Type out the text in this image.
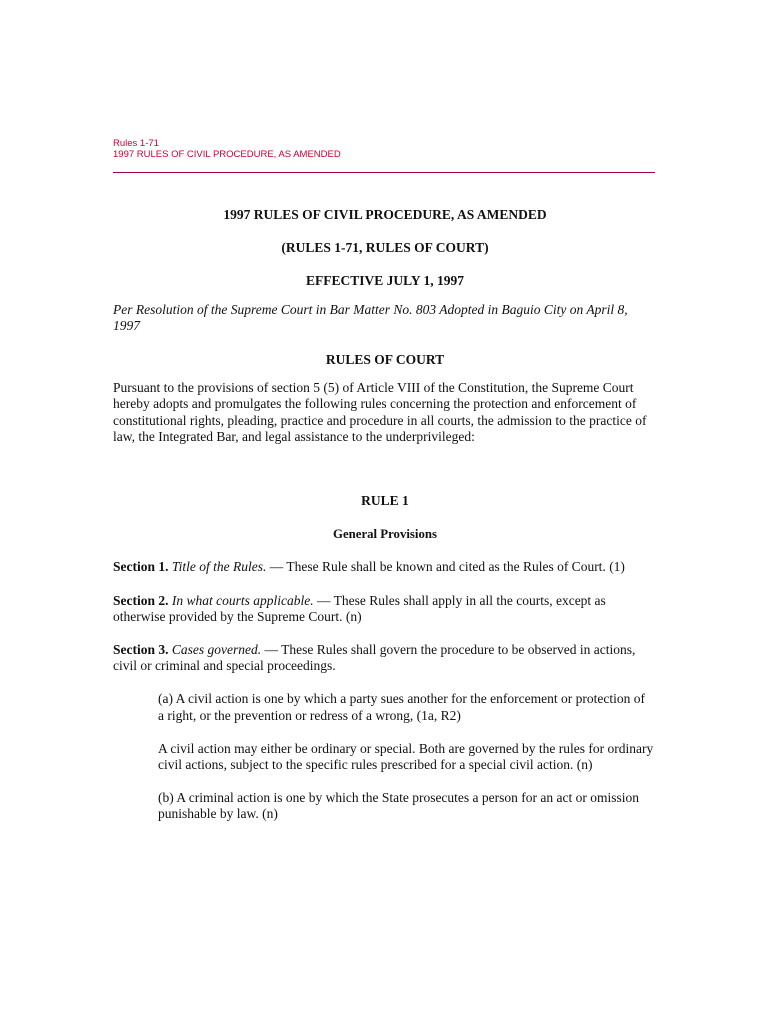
Rules 1-71
1997 RULES OF CIVIL PROCEDURE, AS AMENDED

1997 RULES OF CIVIL PROCEDURE, AS AMENDED

(RULES 1-71, RULES OF COURT)

EFFECTIVE JULY 1, 1997

Per Resolution of the Supreme Court in Bar Matter No. 803 Adopted in Baguio City on April 8, 1997

RULES OF COURT

Pursuant to the provisions of section 5 (5) of Article VIII of the Constitution, the Supreme Court hereby adopts and promulgates the following rules concerning the protection and enforcement of constitutional rights, pleading, practice and procedure in all courts, the admission to the practice of law, the Integrated Bar, and legal assistance to the underprivileged:

RULE 1

General Provisions

Section 1. Title of the Rules. — These Rule shall be known and cited as the Rules of Court. (1)

Section 2. In what courts applicable. — These Rules shall apply in all the courts, except as otherwise provided by the Supreme Court. (n)

Section 3. Cases governed. — These Rules shall govern the procedure to be observed in actions, civil or criminal and special proceedings.

(a) A civil action is one by which a party sues another for the enforcement or protection of a right, or the prevention or redress of a wrong, (1a, R2)

A civil action may either be ordinary or special. Both are governed by the rules for ordinary civil actions, subject to the specific rules prescribed for a special civil action. (n)

(b) A criminal action is one by which the State prosecutes a person for an act or omission punishable by law. (n)
